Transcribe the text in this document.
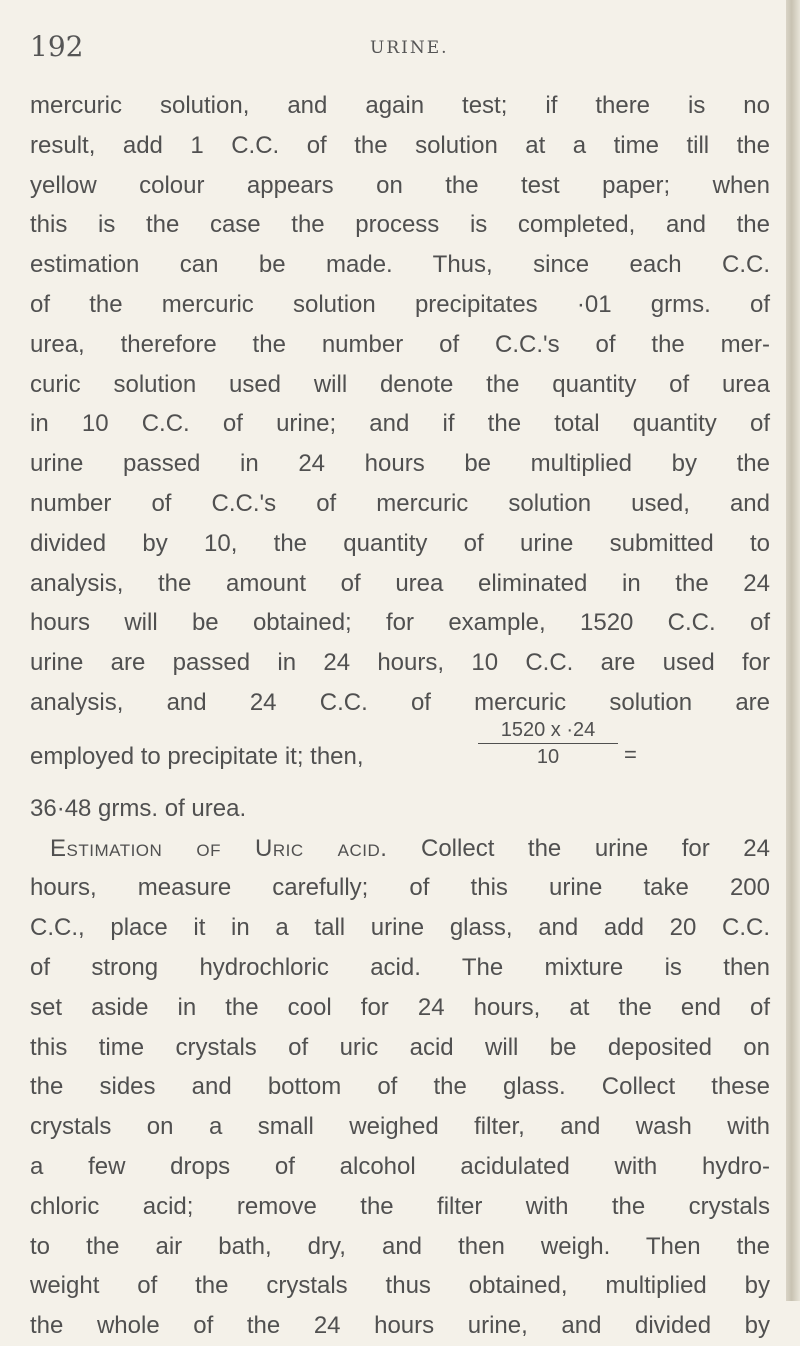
192	URINE.
mercuric solution, and again test; if there is no
result, add 1 C.C. of the solution at a time till the
yellow colour appears on the test paper; when
this is the case the process is completed, and the
estimation can be made. Thus, since each C.C.
of the mercuric solution precipitates ·01 grms. of
urea, therefore the number of C.C.'s of the mer-
curic solution used will denote the quantity of urea
in 10 C.C. of urine; and if the total quantity of
urine passed in 24 hours be multiplied by the
number of C.C.'s of mercuric solution used, and
divided by 10, the quantity of urine submitted to
analysis, the amount of urea eliminated in the 24
hours will be obtained; for example, 1520 C.C. of
urine are passed in 24 hours, 10 C.C. are used for
analysis, and 24 C.C. of mercuric solution are
employed to precipitate it; then,	$\frac{1520 x \cdot 24}{10}$ =
36·48 grms. of urea.
Estimation of Uric acid. Collect the urine for 24
hours, measure carefully; of this urine take 200
C.C., place it in a tall urine glass, and add 20 C.C.
of strong hydrochloric acid. The mixture is then
set aside in the cool for 24 hours, at the end of
this time crystals of uric acid will be deposited on
the sides and bottom of the glass. Collect these
crystals on a small weighed filter, and wash with
a few drops of alcohol acidulated with hydro-
chloric acid; remove the filter with the crystals
to the air bath, dry, and then weigh. Then the
weight of the crystals thus obtained, multiplied by
the whole of the 24 hours urine, and divided by
